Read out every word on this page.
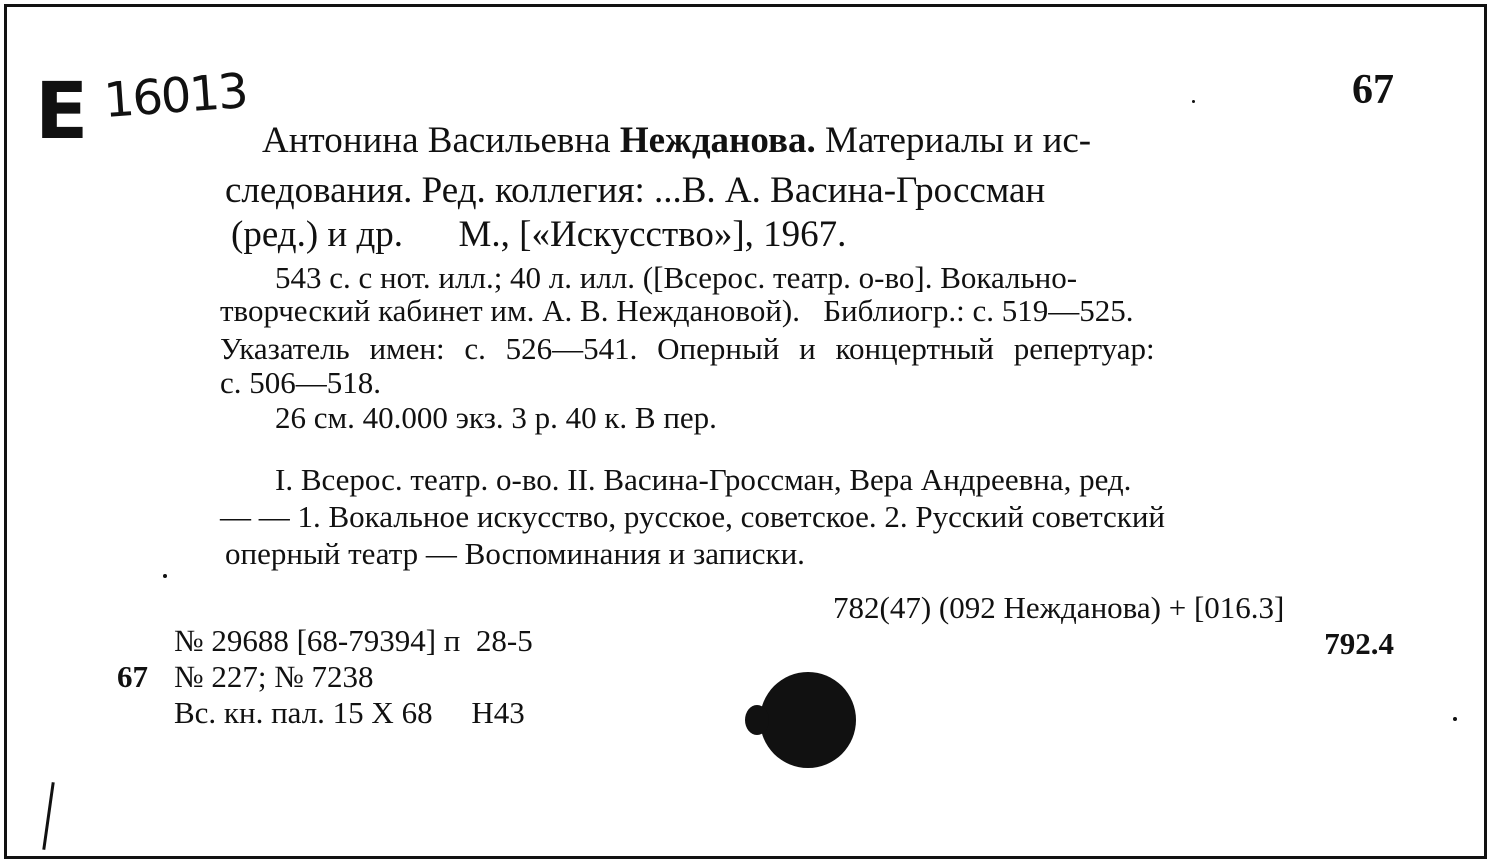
E 16013	67
Антонина Васильевна Нежданова. Материалы и ис-
следования. Ред. коллегия: ...В. А. Васина-Гроссман
(ред.) и др.      М., [«Искусство»], 1967.
543 с. с нот. илл.; 40 л. илл. ([Всерос. театр. о-во]. Вокально-
творческий кабинет им. А. В. Неждановой).   Библиогр.: с. 519—525.
Указатель имен: с. 526—541. Оперный и концертный репертуар:
с. 506—518.
26 см. 40.000 экз. 3 р. 40 к. В пер.
I. Всерос. театр. о-во. II. Васина-Гроссман, Вера Андреевна, ред.
— — 1. Вокальное искусство, русское, советское. 2. Русский советский
оперный театр — Воспоминания и записки.
782(47) (092 Нежданова) + [016.3]
792.4
№ 29688 [68-79394] п  28-5
67 № 227; № 7238
Вс. кн. пал. 15 X 68     Н43
